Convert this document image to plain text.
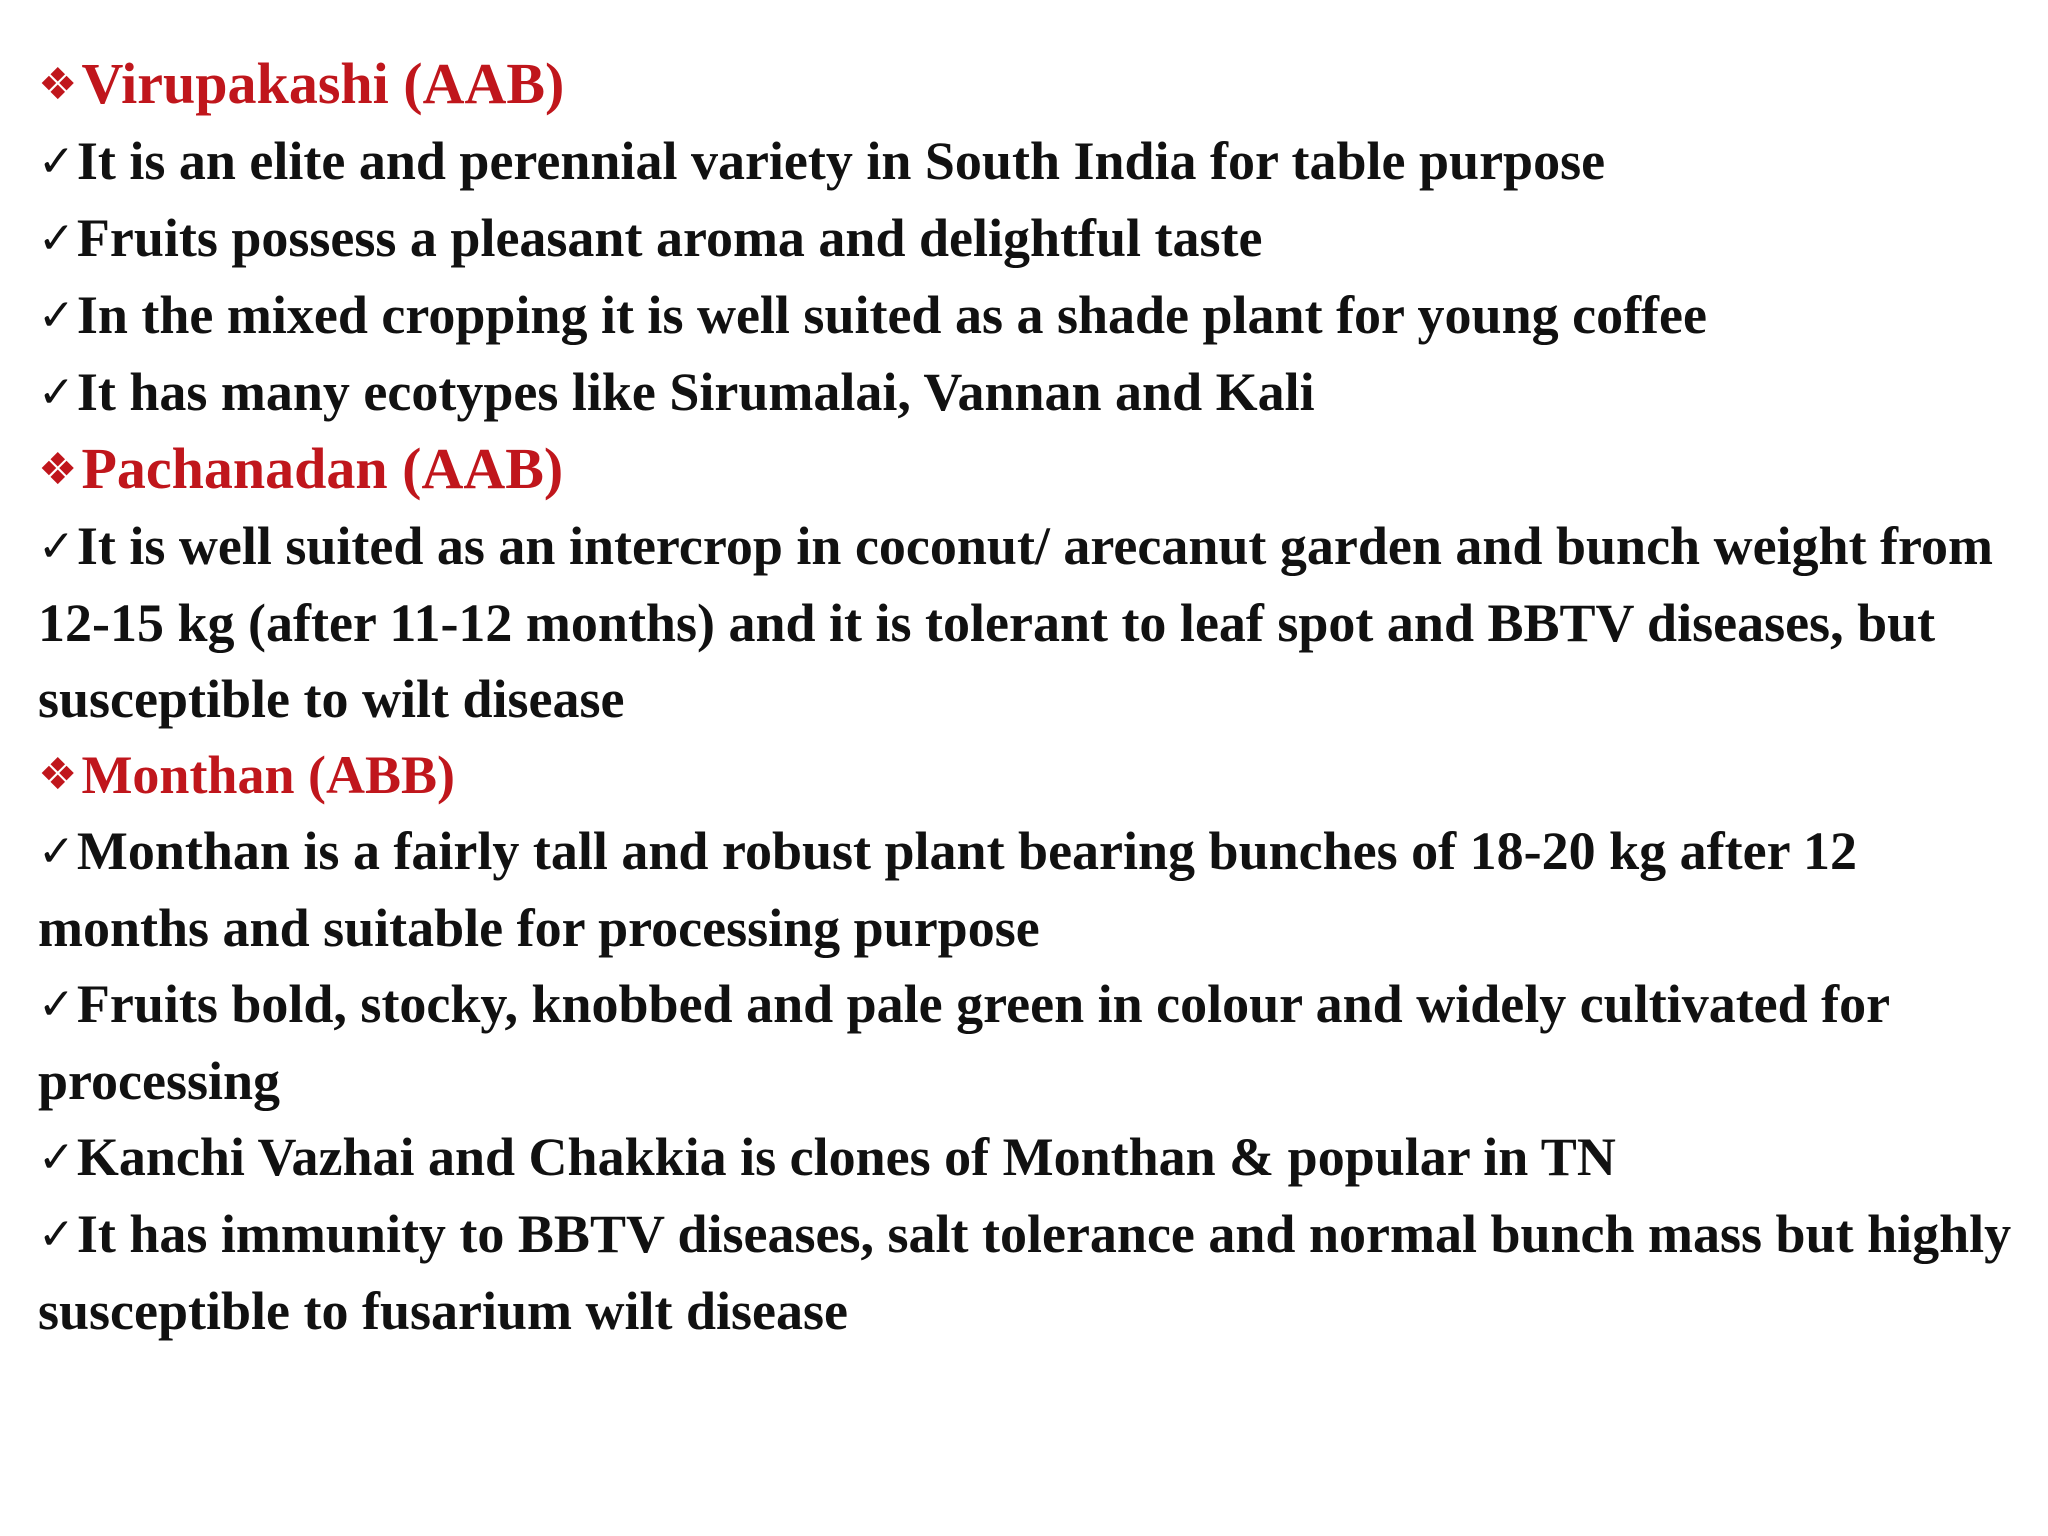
❖Virupakashi (AAB)
✓It is an elite and perennial variety in South India for table purpose
✓Fruits possess a pleasant aroma and delightful taste
✓In the mixed cropping it is well suited as a shade plant for young coffee
✓It has many ecotypes like Sirumalai, Vannan and Kali
❖Pachanadan (AAB)
✓It is well suited as an intercrop in coconut/ arecanut garden and bunch weight from 12-15 kg (after 11-12 months) and it is tolerant to leaf spot and BBTV diseases, but susceptible to wilt disease
❖Monthan (ABB)
✓Monthan is a fairly tall and robust plant bearing bunches of 18-20 kg after 12 months and suitable for processing purpose
✓Fruits bold, stocky, knobbed and pale green in colour and widely cultivated for processing
✓Kanchi Vazhai and Chakkia is clones of Monthan & popular in TN
✓It has immunity to BBTV diseases, salt tolerance and normal bunch mass but highly susceptible to fusarium wilt disease
